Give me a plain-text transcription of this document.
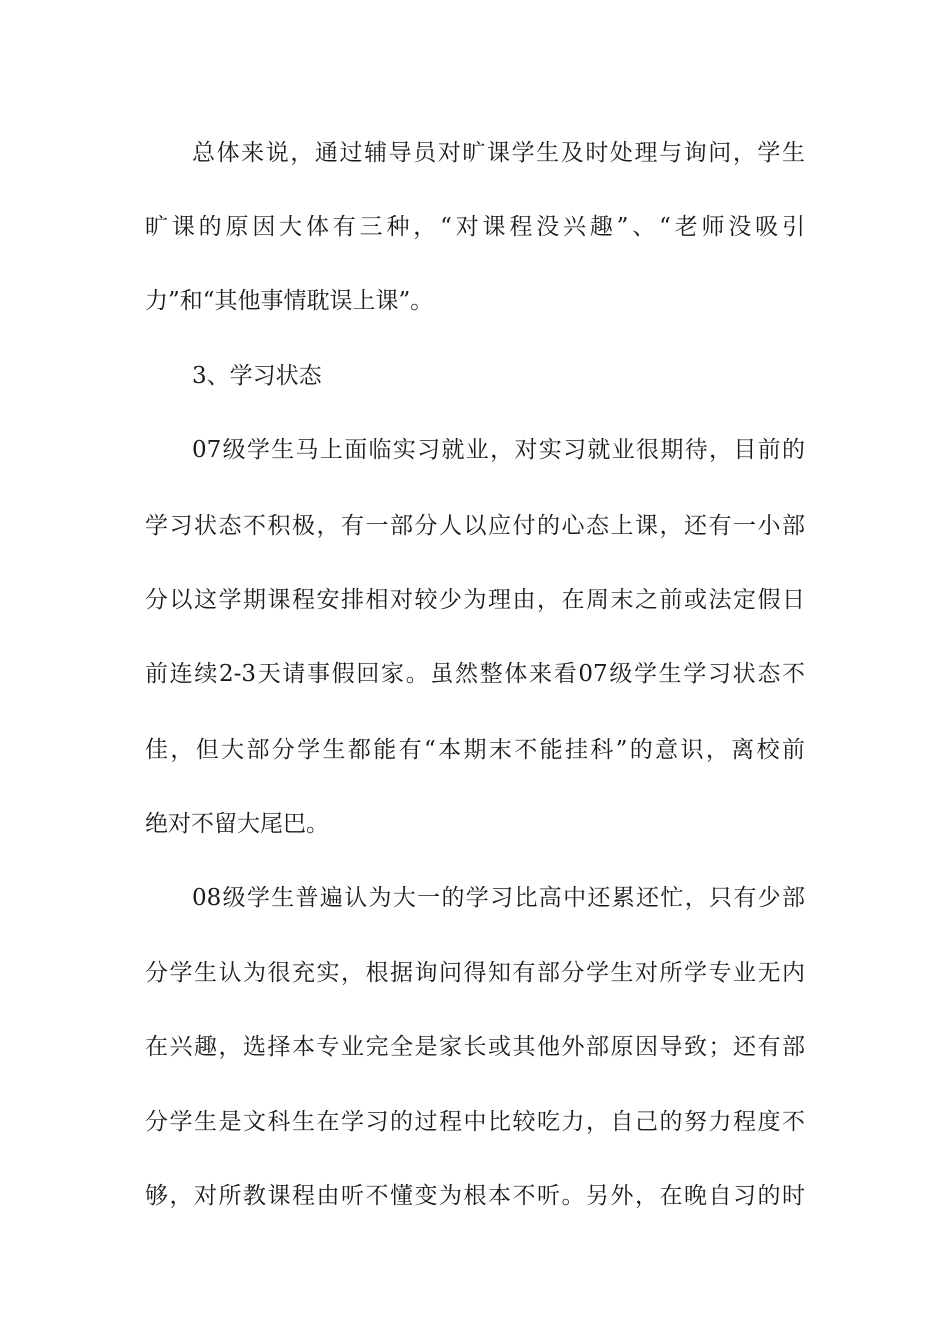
总体来说，通过辅导员对旷课学生及时处理与询问，学生
旷课的原因大体有三种，“对课程没兴趣”、“老师没吸引
力”和“其他事情耽误上课”。
3、学习状态
07级学生马上面临实习就业，对实习就业很期待，目前的
学习状态不积极，有一部分人以应付的心态上课，还有一小部
分以这学期课程安排相对较少为理由，在周末之前或法定假日
前连续2-3天请事假回家。虽然整体来看07级学生学习状态不
佳，但大部分学生都能有“本期末不能挂科”的意识，离校前
绝对不留大尾巴。
08级学生普遍认为大一的学习比高中还累还忙，只有少部
分学生认为很充实，根据询问得知有部分学生对所学专业无内
在兴趣，选择本专业完全是家长或其他外部原因导致；还有部
分学生是文科生在学习的过程中比较吃力，自己的努力程度不
够，对所教课程由听不懂变为根本不听。另外，在晚自习的时
